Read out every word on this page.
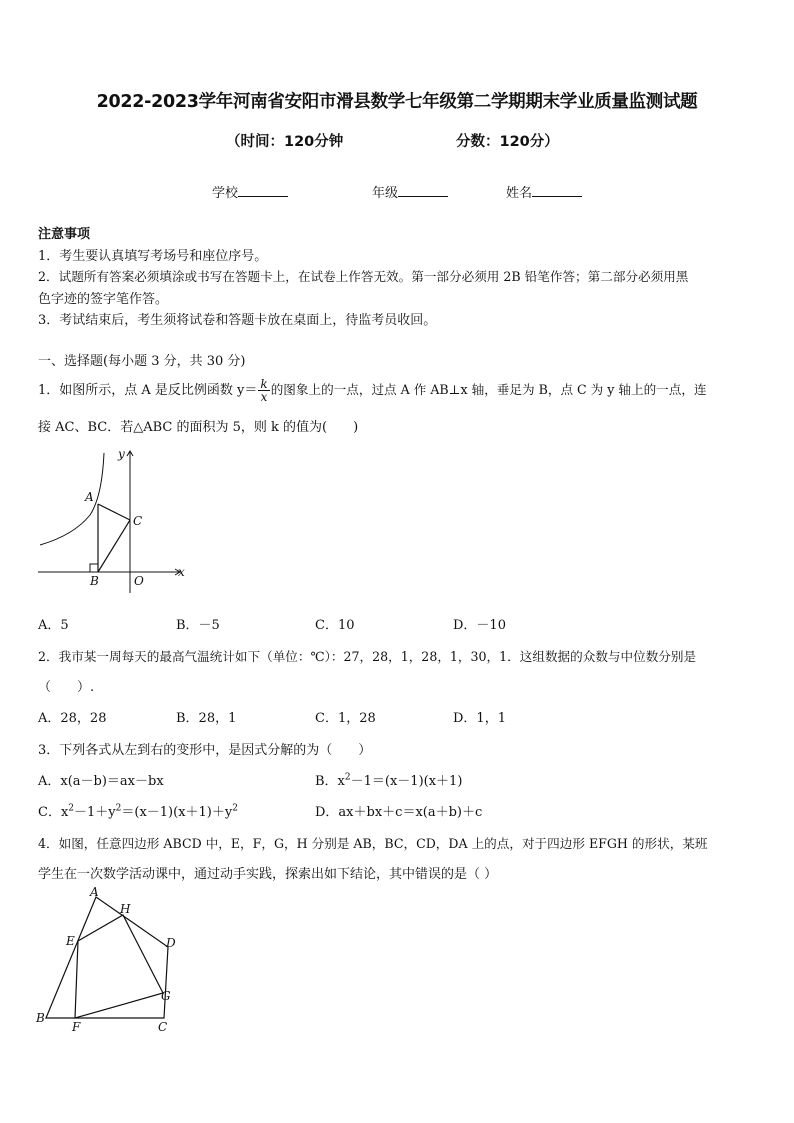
2022-2023学年河南省安阳市滑县数学七年级第二学期期末学业质量监测试题
（时间：120分钟	分数：120分）
学校	年级	姓名
注意事项
1．考生要认真填写考场号和座位序号。
2．试题所有答案必须填涂或书写在答题卡上，在试卷上作答无效。第一部分必须用 2B 铅笔作答；第二部分必须用黑
色字迹的签字笔作答。
3．考试结束后，考生须将试卷和答题卡放在桌面上，待监考员收回。
一、选择题(每小题 3 分，共 30 分)
1．如图所示，点 A 是反比例函数 $y= \frac{k}{x}$ 的图象上的一点，过点 A 作 AB⊥x 轴，垂足为 B，点 C 为 y 轴上的一点，连
接 AC、BC．若△ABC 的面积为 5，则 k 的值为(　　)
y
x
A
B
C
O
A．5	B．－5	C．10	D．－10
2．我市某一周每天的最高气温统计如下（单位：℃）：27，28，1，28，1，30，1．这组数据的众数与中位数分别是
（　　）.
A．28，28	B．28，1	C．1，28	D．1，1
3．下列各式从左到右的变形中，是因式分解的为（　　）
A．x(a－b)＝ax－bx	B．$x^2-1=(x-1)(x+1)$
C．$x^2-1+y^2=(x-1)(x+1)+y^2$	D．ax＋bx＋c＝x(a＋b)＋c
4．如图，任意四边形 ABCD 中，E，F，G，H 分别是 AB，BC，CD，DA 上的点，对于四边形 EFGH 的形状，某班
学生在一次数学活动课中，通过动手实践，探索出如下结论，其中错误的是（ ）
A
B
C
D
E
F
G
H
